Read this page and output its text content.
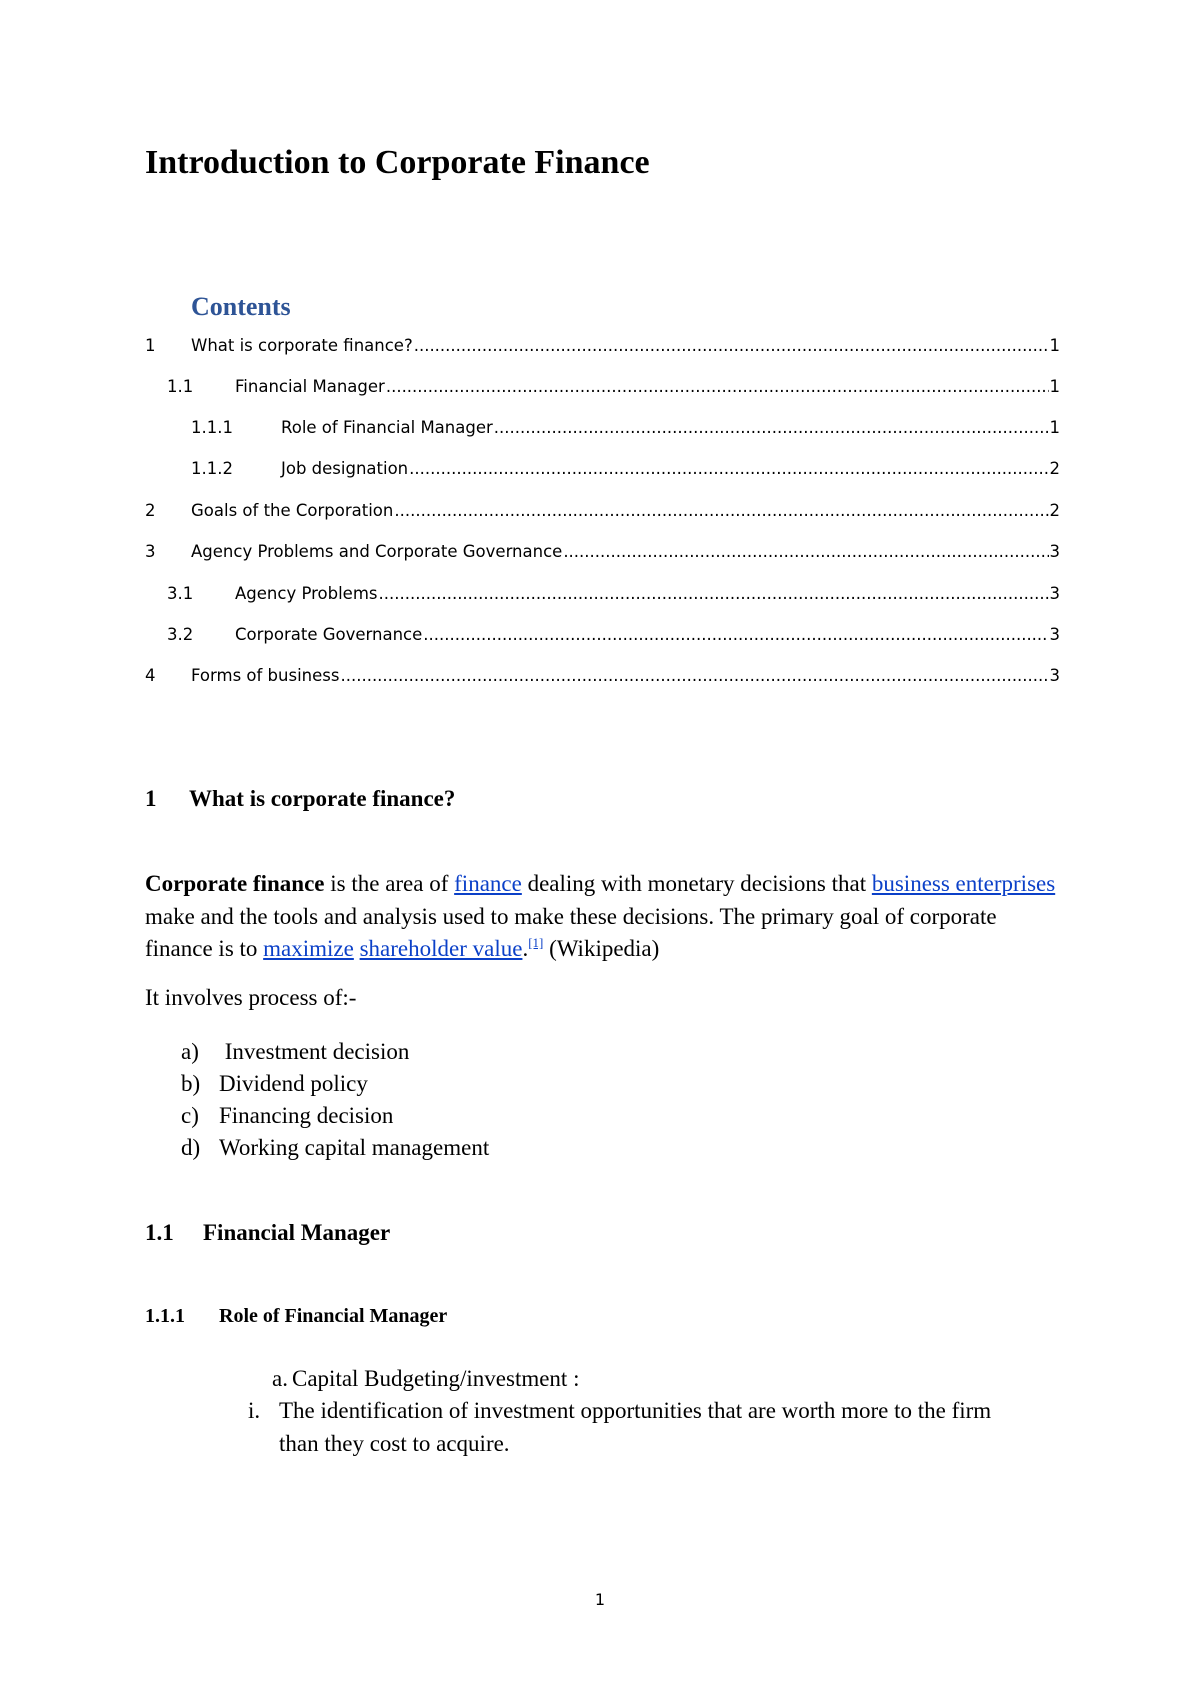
Introduction to Corporate Finance
Contents
1	What is corporate finance? .....	1
1.1	Financial Manager .....	1
1.1.1	Role of Financial Manager .....	1
1.1.2	Job designation .....	2
2	Goals of the Corporation .....	2
3	Agency Problems and Corporate Governance .....	3
3.1	Agency Problems .....	3
3.2	Corporate Governance .....	3
4	Forms of business .....	3
1 What is corporate finance?
Corporate finance is the area of finance dealing with monetary decisions that business enterprises make and the tools and analysis used to make these decisions. The primary goal of corporate finance is to maximize shareholder value.[1] (Wikipedia)
It involves process of:-
a) Investment decision
b) Dividend policy
c) Financing decision
d) Working capital management
1.1 Financial Manager
1.1.1 Role of Financial Manager
a. Capital Budgeting/investment :
i. The identification of investment opportunities that are worth more to the firm
than they cost to acquire.
1
